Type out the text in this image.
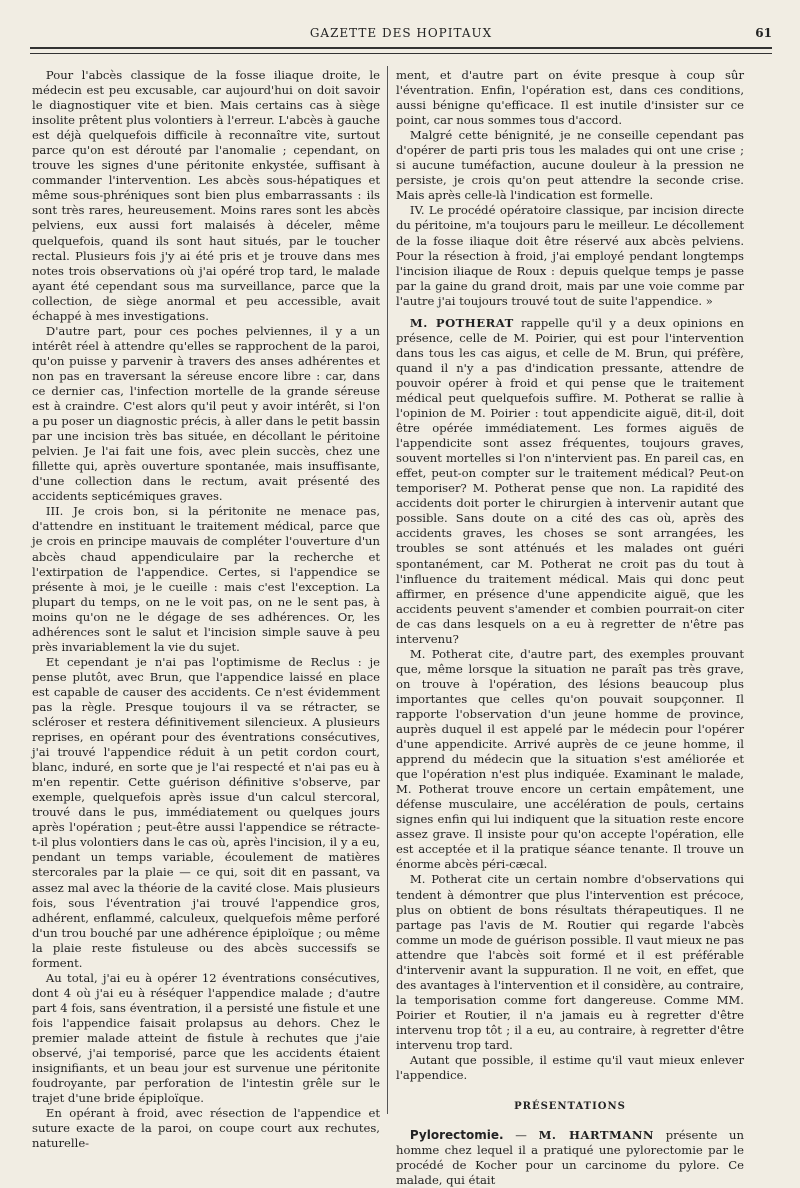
GAZETTE DES HOPITAUX	61

Pour l'abcès classique de la fosse iliaque droite, le médecin est peu excusable, car aujourd'hui on doit savoir le diagnostiquer vite et bien. Mais certains cas à siège insolite prêtent plus volontiers à l'erreur. L'abcès à gauche est déjà quelquefois difficile à reconnaître vite, surtout parce qu'on est dérouté par l'anomalie ; cependant, on trouve les signes d'une péritonite enkystée, suffisant à commander l'intervention. Les abcès sous-hépatiques et même sous-phréniques sont bien plus embarrassants : ils sont très rares, heureusement. Moins rares sont les abcès pelviens, eux aussi fort malaisés à déceler, même quelquefois, quand ils sont haut situés, par le toucher rectal. Plusieurs fois j'y ai été pris et je trouve dans mes notes trois observations où j'ai opéré trop tard, le malade ayant été cependant sous ma surveillance, parce que la collection, de siège anormal et peu accessible, avait échappé à mes investigations.

D'autre part, pour ces poches pelviennes, il y a un intérêt réel à attendre qu'elles se rapprochent de la paroi, qu'on puisse y parvenir à travers des anses adhérentes et non pas en traversant la séreuse encore libre : car, dans ce dernier cas, l'infection mortelle de la grande séreuse est à craindre. C'est alors qu'il peut y avoir intérêt, si l'on a pu poser un diagnostic précis, à aller dans le petit bassin par une incision très bas située, en décollant le péritoine pelvien. Je l'ai fait une fois, avec plein succès, chez une fillette qui, après ouverture spontanée, mais insuffisante, d'une collection dans le rectum, avait présenté des accidents septicémiques graves.

III. Je crois bon, si la péritonite ne menace pas, d'attendre en instituant le traitement médical, parce que je crois en principe mauvais de compléter l'ouverture d'un abcès chaud appendiculaire par la recherche et l'extirpation de l'appendice. Certes, si l'appendice se présente à moi, je le cueille : mais c'est l'exception. La plupart du temps, on ne le voit pas, on ne le sent pas, à moins qu'on ne le dégage de ses adhérences. Or, les adhérences sont le salut et l'incision simple sauve à peu près invariablement la vie du sujet.

Et cependant je n'ai pas l'optimisme de Reclus : je pense plutôt, avec Brun, que l'appendice laissé en place est capable de causer des accidents. Ce n'est évidemment pas la règle. Presque toujours il va se rétracter, se scléroser et restera définitivement silencieux. A plusieurs reprises, en opérant pour des éventrations consécutives, j'ai trouvé l'appendice réduit à un petit cordon court, blanc, induré, en sorte que je l'ai respecté et n'ai pas eu à m'en repentir. Cette guérison définitive s'observe, par exemple, quelquefois après issue d'un calcul stercoral, trouvé dans le pus, immédiatement ou quelques jours après l'opération ; peut-être aussi l'appendice se rétracte-t-il plus volontiers dans le cas où, après l'incision, il y a eu, pendant un temps variable, écoulement de matières stercorales par la plaie — ce qui, soit dit en passant, va assez mal avec la théorie de la cavité close. Mais plusieurs fois, sous l'éventration j'ai trouvé l'appendice gros, adhérent, enflammé, calculeux, quelquefois même perforé d'un trou bouché par une adhérence épiploïque ; ou même la plaie reste fistuleuse ou des abcès successifs se forment.

Au total, j'ai eu à opérer 12 éventrations consécutives, dont 4 où j'ai eu à réséquer l'appendice malade ; d'autre part 4 fois, sans éventration, il a persisté une fistule et une fois l'appendice faisait prolapsus au dehors. Chez le premier malade atteint de fistule à rechutes que j'aie observé, j'ai temporisé, parce que les accidents étaient insignifiants, et un beau jour est survenue une péritonite foudroyante, par perforation de l'intestin grêle sur le trajet d'une bride épiploïque.

En opérant à froid, avec résection de l'appendice et suture exacte de la paroi, on coupe court aux rechutes, naturelle-

ment, et d'autre part on évite presque à coup sûr l'éventration. Enfin, l'opération est, dans ces conditions, aussi bénigne qu'efficace. Il est inutile d'insister sur ce point, car nous sommes tous d'accord.

Malgré cette bénignité, je ne conseille cependant pas d'opérer de parti pris tous les malades qui ont une crise ; si aucune tuméfaction, aucune douleur à la pression ne persiste, je crois qu'on peut attendre la seconde crise. Mais après celle-là l'indication est formelle.

IV. Le procédé opératoire classique, par incision directe du péritoine, m'a toujours paru le meilleur. Le décollement de la fosse iliaque doit être réservé aux abcès pelviens. Pour la résection à froid, j'ai employé pendant longtemps l'incision iliaque de Roux : depuis quelque temps je passe par la gaine du grand droit, mais par une voie comme par l'autre j'ai toujours trouvé tout de suite l'appendice. »

M. POTHERAT rappelle qu'il y a deux opinions en présence, celle de M. Poirier, qui est pour l'intervention dans tous les cas aigus, et celle de M. Brun, qui préfère, quand il n'y a pas d'indication pressante, attendre de pouvoir opérer à froid et qui pense que le traitement médical peut quelquefois suffire. M. Potherat se rallie à l'opinion de M. Poirier : tout appendicite aiguë, dit-il, doit être opérée immédiatement. Les formes aiguës de l'appendicite sont assez fréquentes, toujours graves, souvent mortelles si l'on n'intervient pas. En pareil cas, en effet, peut-on compter sur le traitement médical? Peut-on temporiser? M. Potherat pense que non. La rapidité des accidents doit porter le chirurgien à intervenir autant que possible. Sans doute on a cité des cas où, après des accidents graves, les choses se sont arrangées, les troubles se sont atténués et les malades ont guéri spontanément, car M. Potherat ne croit pas du tout à l'influence du traitement médical. Mais qui donc peut affirmer, en présence d'une appendicite aiguë, que les accidents peuvent s'amender et combien pourrait-on citer de cas dans lesquels on a eu à regretter de n'être pas intervenu?

M. Potherat cite, d'autre part, des exemples prouvant que, même lorsque la situation ne paraît pas très grave, on trouve à l'opération, des lésions beaucoup plus importantes que celles qu'on pouvait soupçonner. Il rapporte l'observation d'un jeune homme de province, auprès duquel il est appelé par le médecin pour l'opérer d'une appendicite. Arrivé auprès de ce jeune homme, il apprend du médecin que la situation s'est améliorée et que l'opération n'est plus indiquée. Examinant le malade, M. Potherat trouve encore un certain empâtement, une défense musculaire, une accélération de pouls, certains signes enfin qui lui indiquent que la situation reste encore assez grave. Il insiste pour qu'on accepte l'opération, elle est acceptée et il la pratique séance tenante. Il trouve un énorme abcès péri-cæcal.

M. Potherat cite un certain nombre d'observations qui tendent à démontrer que plus l'intervention est précoce, plus on obtient de bons résultats thérapeutiques. Il ne partage pas l'avis de M. Routier qui regarde l'abcès comme un mode de guérison possible. Il vaut mieux ne pas attendre que l'abcès soit formé et il est préférable d'intervenir avant la suppuration. Il ne voit, en effet, que des avantages à l'intervention et il considère, au contraire, la temporisation comme fort dangereuse. Comme MM. Poirier et Routier, il n'a jamais eu à regretter d'être intervenu trop tôt ; il a eu, au contraire, à regretter d'être intervenu trop tard.

Autant que possible, il estime qu'il vaut mieux enlever l'appendice.

PRÉSENTATIONS

Pylorectomie. — M. HARTMANN présente un homme chez lequel il a pratiqué une pylorectomie par le procédé de Kocher pour un carcinome du pylore. Ce malade, qui était
